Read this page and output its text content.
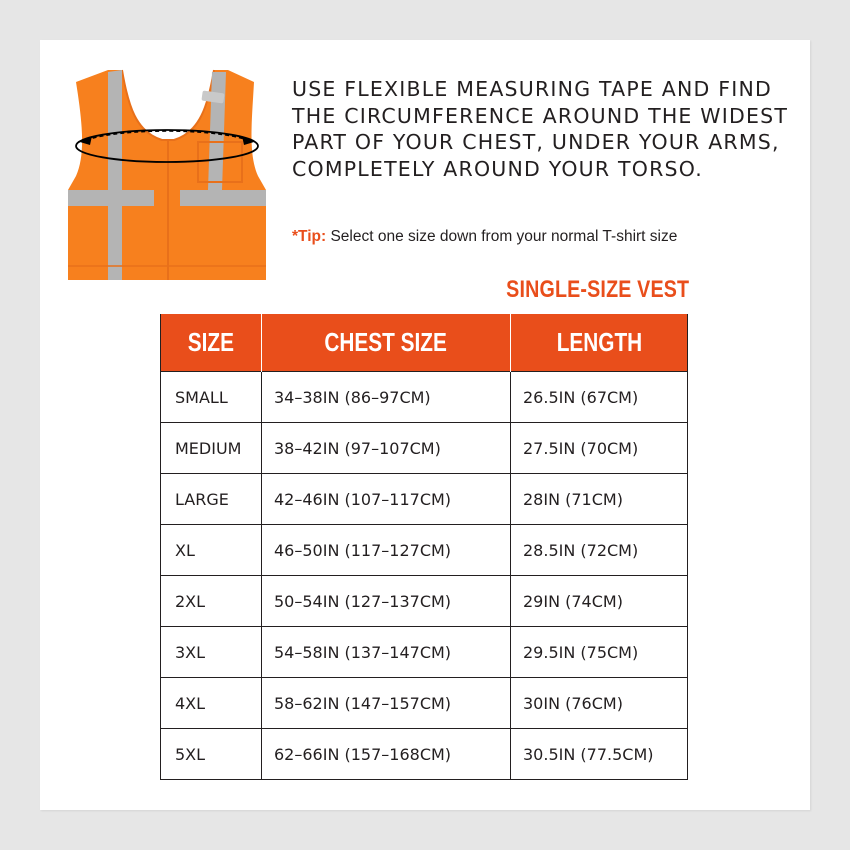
USE FLEXIBLE MEASURING TAPE AND FIND THE CIRCUMFERENCE AROUND THE WIDEST PART OF YOUR CHEST, UNDER YOUR ARMS, COMPLETELY AROUND YOUR TORSO.

*Tip: Select one size down from your normal T-shirt size
SINGLE-SIZE VEST
SIZE	CHEST SIZE	LENGTH
SMALL	34–38IN (86–97CM)	26.5IN (67CM)
MEDIUM	38–42IN (97–107CM)	27.5IN (70CM)
LARGE	42–46IN (107–117CM)	28IN (71CM)
XL	46–50IN (117–127CM)	28.5IN (72CM)
2XL	50–54IN (127–137CM)	29IN (74CM)
3XL	54–58IN (137–147CM)	29.5IN (75CM)
4XL	58–62IN (147–157CM)	30IN (76CM)
5XL	62–66IN (157–168CM)	30.5IN (77.5CM)
